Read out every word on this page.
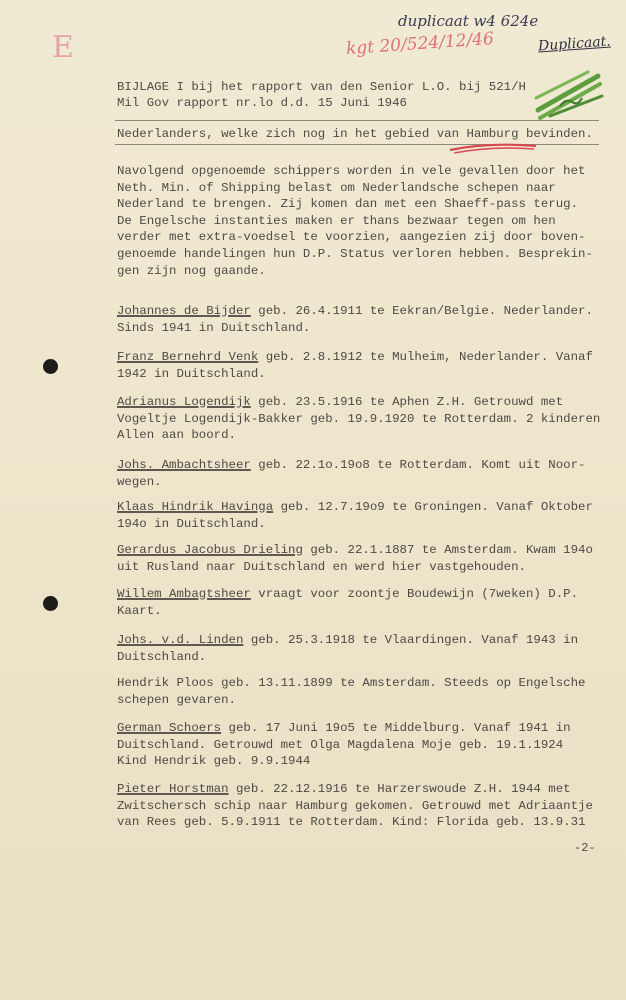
E
duplicaat w4 624e
kgt 20/524/12/46	Duplicaat.
BIJLAGE I bij het rapport van den Senior L.O. bij 521/H
Mil Gov rapport nr.lo d.d. 15 Juni 1946
Nederlanders, welke zich nog in het gebied van Hamburg bevinden.
Navolgend opgenoemde schippers worden in vele gevallen door het
Neth. Min. of Shipping belast om Nederlandsche schepen naar
Nederland te brengen. Zij komen dan met een Shaeff-pass terug.
De Engelsche instanties maken er thans bezwaar tegen om hen
verder met extra-voedsel te voorzien, aangezien zij door boven-
genoemde handelingen hun D.P. Status verloren hebben. Besprekin-
gen zijn nog gaande.
Johannes de Bijder geb. 26.4.1911 te Eekran/Belgie. Nederlander.
Sinds 1941 in Duitschland.
Franz Bernehrd Venk geb. 2.8.1912 te Mulheim, Nederlander. Vanaf
1942 in Duitschland.
Adrianus Logendijk geb. 23.5.1916 te Aphen Z.H. Getrouwd met
Vogeltje Logendijk-Bakker geb. 19.9.1920 te Rotterdam. 2 kinderen
Allen aan boord.
Johs. Ambachtsheer geb. 22.1o.19o8 te Rotterdam. Komt uit Noor-
wegen.
Klaas Hindrik Havinga geb. 12.7.19o9 te Groningen. Vanaf Oktober
194o in Duitschland.
Gerardus Jacobus Drieling geb. 22.1.1887 te Amsterdam. Kwam 194o
uit Rusland naar Duitschland en werd hier vastgehouden.
Willem Ambagtsheer vraagt voor zoontje Boudewijn (7weken) D.P.
Kaart.
Johs. v.d. Linden geb. 25.3.1918 te Vlaardingen. Vanaf 1943 in
Duitschland.
Hendrik Ploos geb. 13.11.1899 te Amsterdam. Steeds op Engelsche
schepen gevaren.
German Schoers geb. 17 Juni 19o5 te Middelburg. Vanaf 1941 in
Duitschland. Getrouwd met Olga Magdalena Moje geb. 19.1.1924
Kind Hendrik geb. 9.9.1944
Pieter Horstman geb. 22.12.1916 te Harzerswoude Z.H. 1944 met
Zwitschersch schip naar Hamburg gekomen. Getrouwd met Adriaantje
van Rees geb. 5.9.1911 te Rotterdam. Kind: Florida geb. 13.9.31
-2-
